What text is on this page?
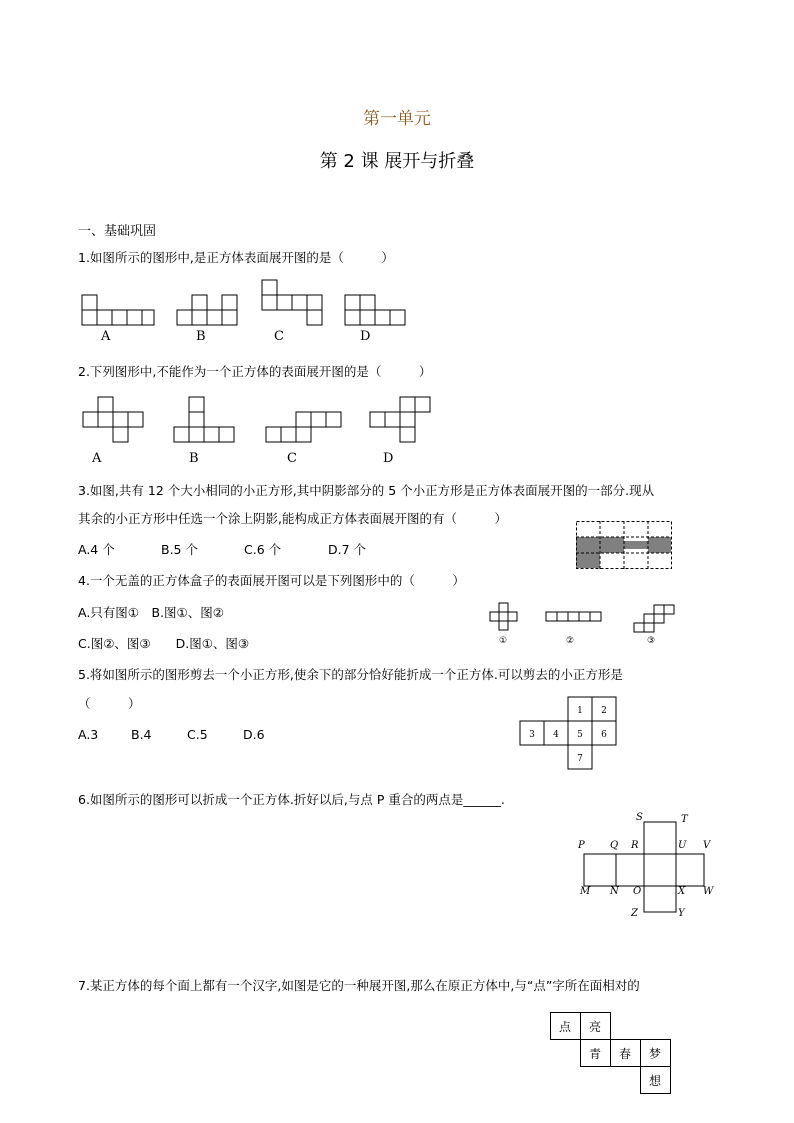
第一单元
第 2 课 展开与折叠
一、基础巩固
1.如图所示的图形中,是正方体表面展开图的是（　　　）
A	B	C	D
2.下列图形中,不能作为一个正方体的表面展开图的是（　　　）
A	B	C	D
3.如图,共有 12 个大小相同的小正方形,其中阴影部分的 5 个小正方形是正方体表面展开图的一部分.现从
其余的小正方形中任选一个涂上阴影,能构成正方体表面展开图的有（　　　）
A.4 个	B.5 个	C.6 个	D.7 个
4.一个无盖的正方体盒子的表面展开图可以是下列图形中的（　　　）
A.只有图①　B.图①、图②
C.图②、图③　　D.图①、图③	①	②	③
5.将如图所示的图形剪去一个小正方形,使余下的部分恰好能折成一个正方体.可以剪去的小正方形是
（　　　）
A.3	B.4	C.5	D.6
1 2
3 4 5 6
7
6.如图所示的图形可以折成一个正方体.折好以后,与点 P 重合的两点是______.
S	T
P	Q R	U V
M N O	X W
Z	Y
7.某正方体的每个面上都有一个汉字,如图是它的一种展开图,那么在原正方体中,与“点”字所在面相对的
点 亮
青 春 梦
想
